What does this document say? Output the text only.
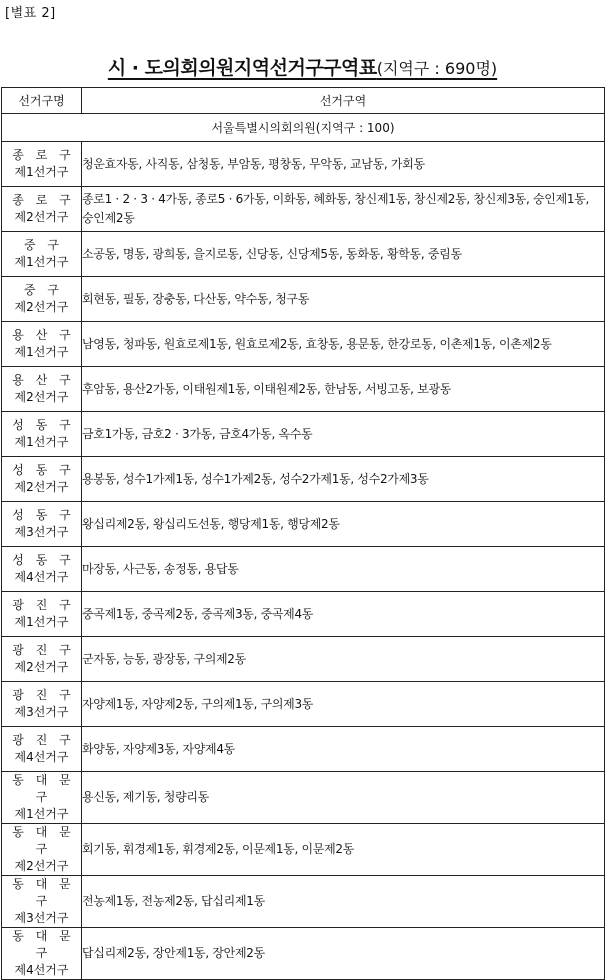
[별표 2]
시 · 도의회의원지역선거구구역표(지역구 : 690명)
선거구명	선거구역
서울특별시의회의원(지역구 : 100)	

종 로 구
제1선거구	청운효자동, 사직동, 삼청동, 부암동, 평창동, 무악동, 교남동, 가회동

종 로 구
제2선거구	종로1 · 2 · 3 · 4가동, 종로5 · 6가동, 이화동, 혜화동, 창신제1동, 창신제2동, 창신제3동, 숭인제1동, 숭인제2동

중 구
제1선거구	소공동, 명동, 광희동, 을지로동, 신당동, 신당제5동, 동화동, 황학동, 중림동

중 구
제2선거구	회현동, 필동, 장충동, 다산동, 약수동, 청구동

용 산 구
제1선거구	남영동, 청파동, 원효로제1동, 원효로제2동, 효창동, 용문동, 한강로동, 이촌제1동, 이촌제2동

용 산 구
제2선거구	후암동, 용산2가동, 이태원제1동, 이태원제2동, 한남동, 서빙고동, 보광동

성 동 구
제1선거구	금호1가동, 금호2 · 3가동, 금호4가동, 옥수동

성 동 구
제2선거구	용봉동, 성수1가제1동, 성수1가제2동, 성수2가제1동, 성수2가제3동

성 동 구
제3선거구	왕십리제2동, 왕십리도선동, 행당제1동, 행당제2동

성 동 구
제4선거구	마장동, 사근동, 송정동, 용답동

광 진 구
제1선거구	중곡제1동, 중곡제2동, 중곡제3동, 중곡제4동

광 진 구
제2선거구	군자동, 능동, 광장동, 구의제2동

광 진 구
제3선거구	자양제1동, 자양제2동, 구의제1동, 구의제3동

광 진 구
제4선거구	화양동, 자양제3동, 자양제4동

동 대 문 구
제1선거구	용신동, 제기동, 청량리동

동 대 문 구
제2선거구	회기동, 휘경제1동, 휘경제2동, 이문제1동, 이문제2동

동 대 문 구
제3선거구	전농제1동, 전농제2동, 답십리제1동

동 대 문 구
제4선거구	답십리제2동, 장안제1동, 장안제2동
